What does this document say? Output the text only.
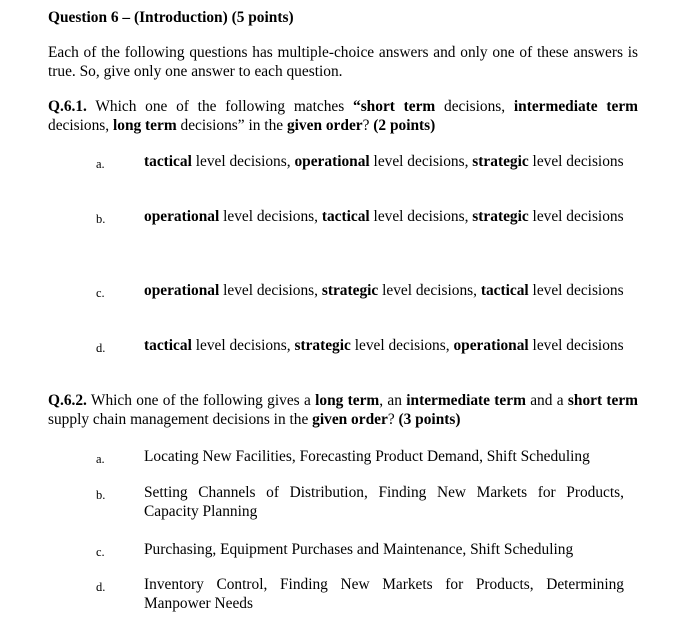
Question 6 – (Introduction) (5 points)
Each of the following questions has multiple-choice answers and only one of these answers is true. So, give only one answer to each question.
Q.6.1. Which one of the following matches “short term decisions, intermediate term decisions, long term decisions” in the given order? (2 points)
a.	tactical level decisions, operational level decisions, strategic level decisions
b.	operational level decisions, tactical level decisions, strategic level decisions
c.	operational level decisions, strategic level decisions, tactical level decisions
d.	tactical level decisions, strategic level decisions, operational level decisions
Q.6.2. Which one of the following gives a long term, an intermediate term and a short term supply chain management decisions in the given order? (3 points)
a.	Locating New Facilities, Forecasting Product Demand, Shift Scheduling
b.	Setting Channels of Distribution, Finding New Markets for Products, Capacity Planning
c.	Purchasing, Equipment Purchases and Maintenance, Shift Scheduling
d.	Inventory Control, Finding New Markets for Products, Determining Manpower Needs
